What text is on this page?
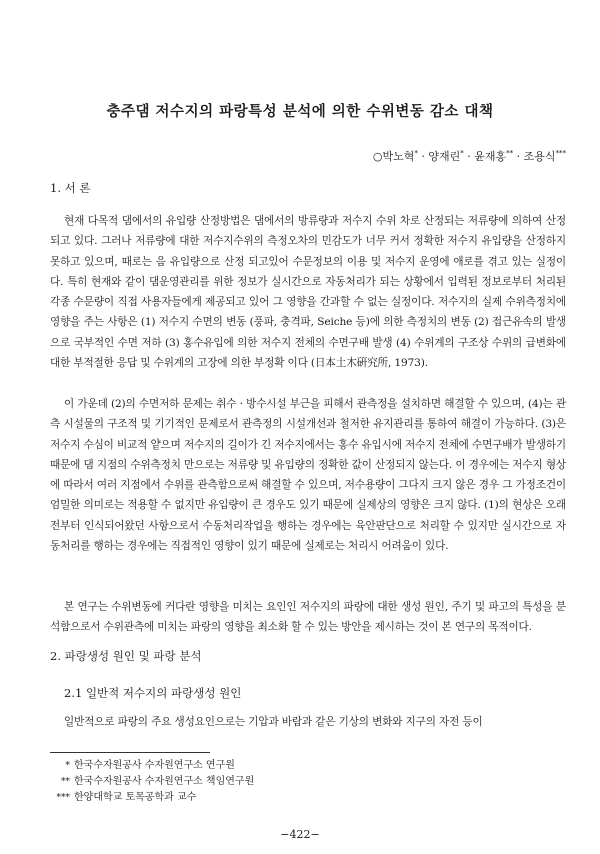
충주댐 저수지의 파랑특성 분석에 의한 수위변동 감소 대책
○박노혁* · 양재린* · 윤재홍** · 조용식***
1. 서 론

현재 다목적 댐에서의 유입량 산정방법은 댐에서의 방류량과 저수지 수위 차로 산정되는 저류량에 의하여 산정되고 있다. 그러나 저류량에 대한 저수지수위의 측정오차의 민감도가 너무 커서 정확한 저수지 유입량을 산정하지 못하고 있으며, 때로는 음 유입량으로 산정 되고있어 수문정보의 이용 및 저수지 운영에 애로를 겪고 있는 실정이다. 특히 현재와 같이 댐운영관리를 위한 정보가 실시간으로 자동처리가 되는 상황에서 입력된 정보로부터 처리된 각종 수문량이 직접 사용자들에게 제공되고 있어 그 영향을 간과할 수 없는 실정이다. 저수지의 실제 수위측정치에 영향을 주는 사항은 (1) 저수지 수면의 변동 (풍파, 충격파, Seiche 등)에 의한 측정치의 변동 (2) 접근유속의 발생으로 국부적인 수면 저하 (3) 홍수유입에 의한 저수지 전체의 수면구배 발생 (4) 수위계의 구조상 수위의 급변화에 대한 부적절한 응답 및 수위계의 고장에 의한 부정확 이다 (日本土木硏究所, 1973).

이 가운데 (2)의 수면저하 문제는 취수 · 방수시설 부근을 피해서 관측정을 설치하면 해결할 수 있으며, (4)는 관측 시설물의 구조적 및 기기적인 문제로서 관측정의 시설개선과 철저한 유지관리를 통하여 해결이 가능하다. (3)은 저수지 수심이 비교적 얕으며 저수지의 길이가 긴 저수지에서는 홍수 유입시에 저수지 전체에 수면구배가 발생하기 때문에 댐 지점의 수위측정치 만으로는 저류량 및 유입량의 정확한 값이 산정되지 않는다. 이 경우에는 저수지 형상에 따라서 여러 지점에서 수위를 관측함으로써 해결할 수 있으며, 저수용량이 그다지 크지 않은 경우 그 가정조건이 엄밀한 의미로는 적용할 수 없지만 유입량이 큰 경우도 있기 때문에 실제상의 영향은 크지 않다. (1)의 현상은 오래 전부터 인식되어왔던 사항으로서 수동처리작업을 행하는 경우에는 육안판단으로 처리할 수 있지만 실시간으로 자동처리를 행하는 경우에는 직접적인 영향이 있기 때문에 실제로는 처리시 어려움이 있다.

본 연구는 수위변동에 커다란 영향을 미치는 요인인 저수지의 파랑에 대한 생성 원인, 주기 및 파고의 특성을 분석함으로서 수위관측에 미치는 파랑의 영향을 최소화 할 수 있는 방안을 제시하는 것이 본 연구의 목적이다.

2. 파랑생성 원인 및 파랑 분석
2.1 일반적 저수지의 파랑생성 원인

일반적으로 파랑의 주요 생성요인으로는 기압과 바람과 같은 기상의 변화와 지구의 자전 등이

* 한국수자원공사 수자원연구소 연구원
** 한국수자원공사 수자원연구소 책임연구원
*** 한양대학교 토목공학과 교수
−422−
